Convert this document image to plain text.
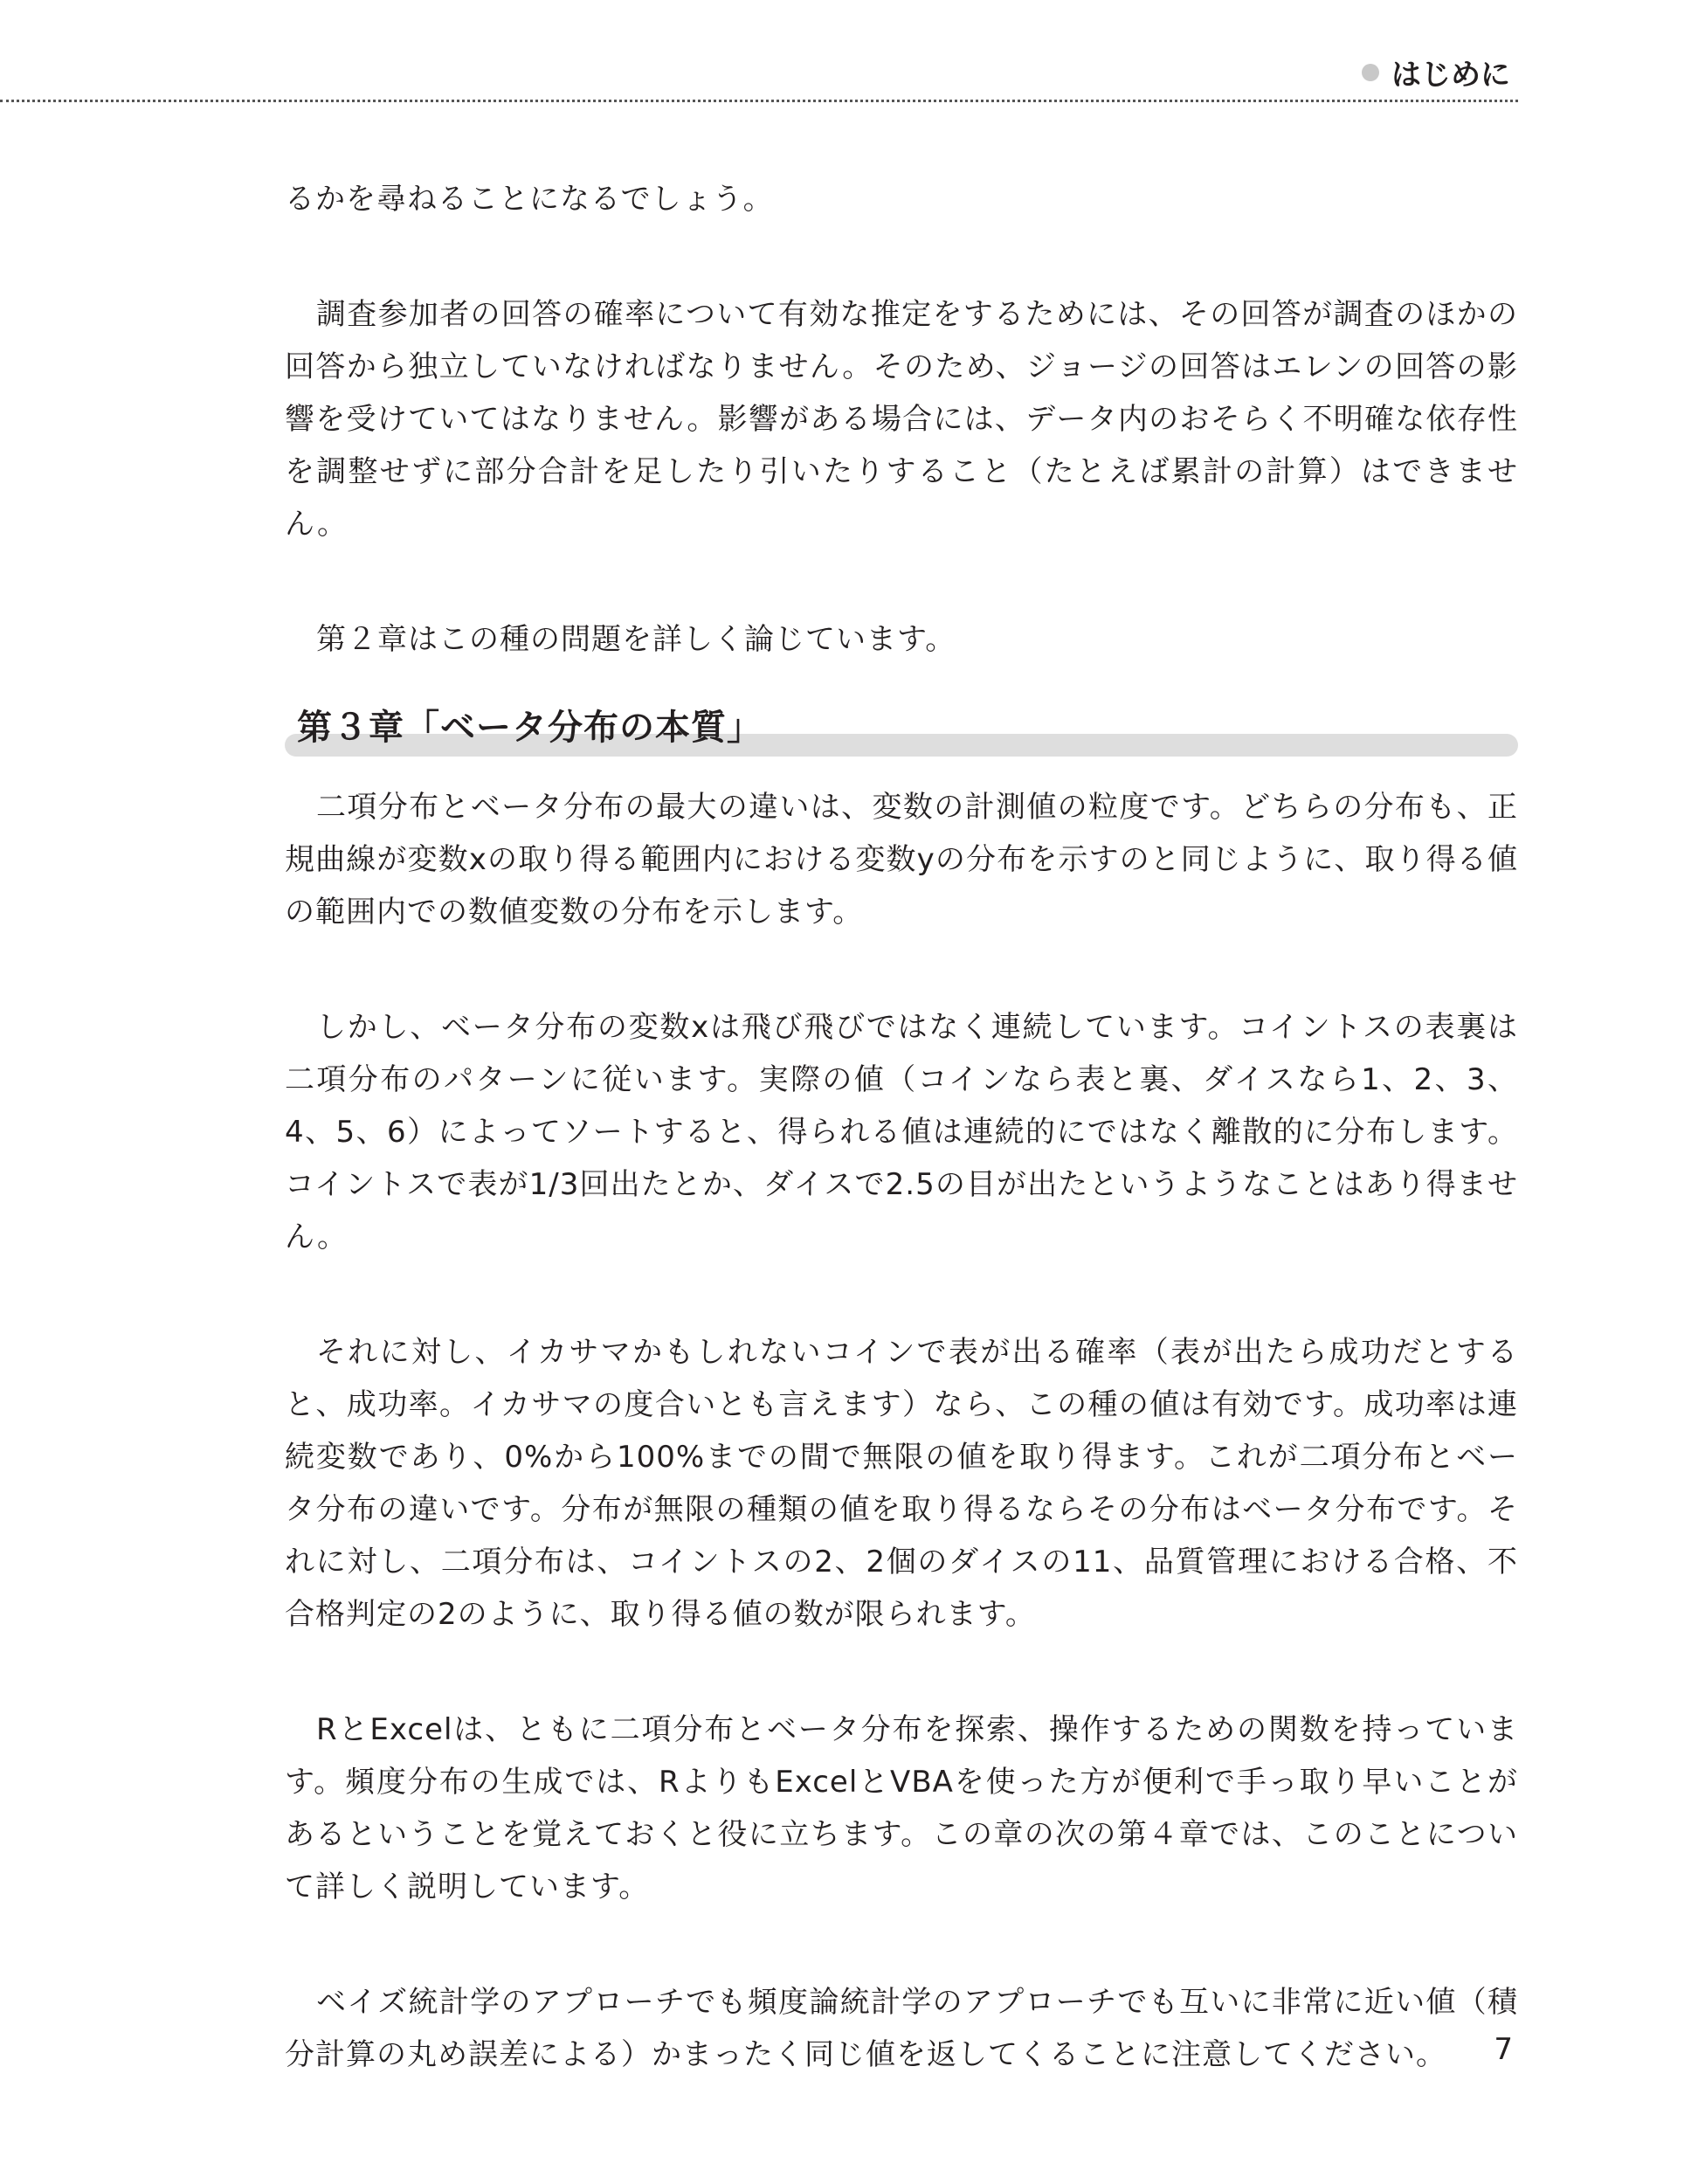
はじめに

るかを尋ねることになるでしょう。

調査参加者の回答の確率について有効な推定をするためには、その回答が調査のほかの回答から独立していなければなりません。そのため、ジョージの回答はエレンの回答の影響を受けていてはなりません。影響がある場合には、データ内のおそらく不明確な依存性を調整せずに部分合計を足したり引いたりすること（たとえば累計の計算）はできません。

第２章はこの種の問題を詳しく論じています。

第３章「ベータ分布の本質」

二項分布とベータ分布の最大の違いは、変数の計測値の粒度です。どちらの分布も、正規曲線が変数xの取り得る範囲内における変数yの分布を示すのと同じように、取り得る値の範囲内での数値変数の分布を示します。

しかし、ベータ分布の変数xは飛び飛びではなく連続しています。コイントスの表裏は二項分布のパターンに従います。実際の値（コインなら表と裏、ダイスなら1、2、3、4、5、6）によってソートすると、得られる値は連続的にではなく離散的に分布します。コイントスで表が1/3回出たとか、ダイスで2.5の目が出たというようなことはあり得ません。

それに対し、イカサマかもしれないコインで表が出る確率（表が出たら成功だとすると、成功率。イカサマの度合いとも言えます）なら、この種の値は有効です。成功率は連続変数であり、0%から100%までの間で無限の値を取り得ます。これが二項分布とベータ分布の違いです。分布が無限の種類の値を取り得るならその分布はベータ分布です。それに対し、二項分布は、コイントスの2、2個のダイスの11、品質管理における合格、不合格判定の2のように、取り得る値の数が限られます。

RとExcelは、ともに二項分布とベータ分布を探索、操作するための関数を持っています。頻度分布の生成では、RよりもExcelとVBAを使った方が便利で手っ取り早いことがあるということを覚えておくと役に立ちます。この章の次の第４章では、このことについて詳しく説明しています。

ベイズ統計学のアプローチでも頻度論統計学のアプローチでも互いに非常に近い値（積分計算の丸め誤差による）かまったく同じ値を返してくることに注意してください。	7
